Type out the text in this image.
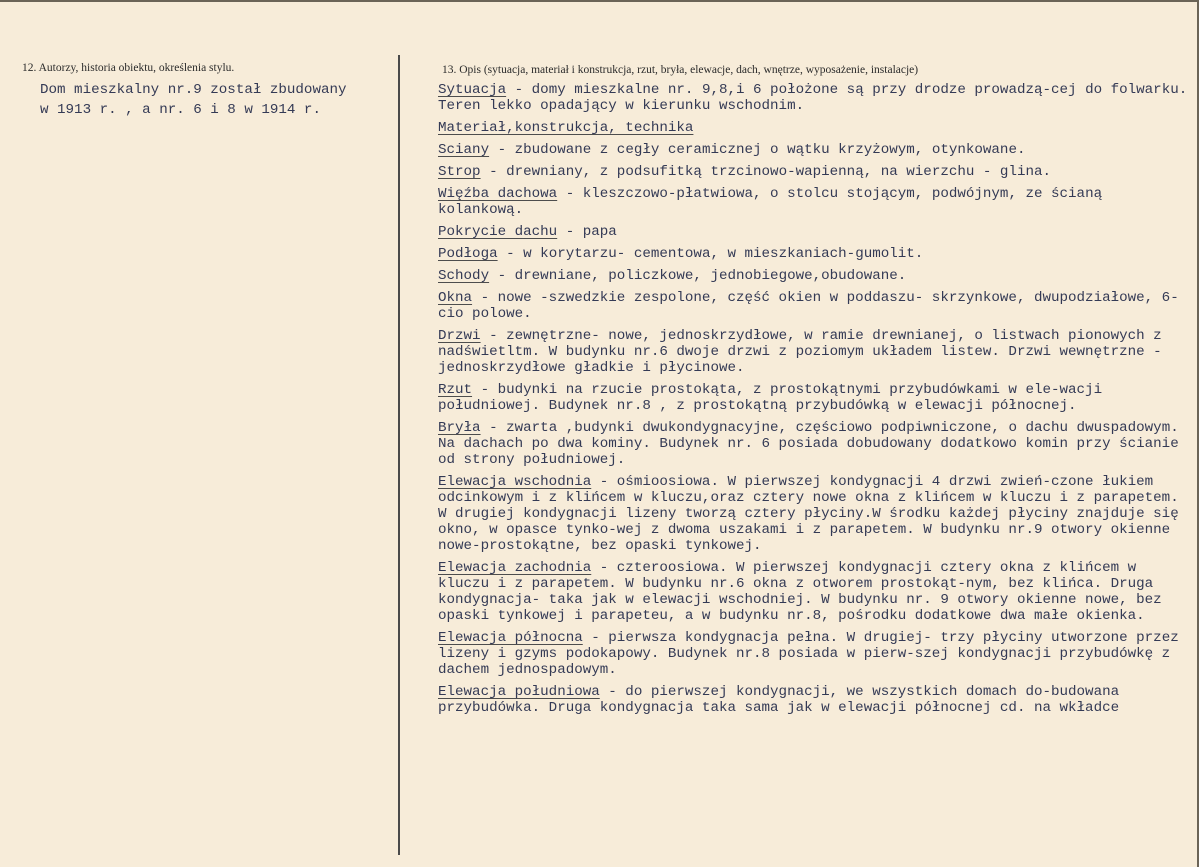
12. Autorzy, historia obiektu, określenia stylu.
Dom mieszkalny nr.9 został zbudowany
w 1913 r. , a nr. 6 i 8 w 1914 r.
13. Opis (sytuacja, materiał i konstrukcja, rzut, bryła, elewacje, dach, wnętrze, wyposażenie, instalacje)
Sytuacja - domy mieszkalne nr. 9,8,i 6 położone są przy drodze prowadzą-cej do folwarku. Teren lekko opadający w kierunku wschodnim.
Materiał,konstrukcja, technika
Sciany - zbudowane z cegły ceramicznej o wątku krzyżowym, otynkowane.
Strop - drewniany, z podsufitką trzcinowo-wapienną, na wierzchu - glina.
Więźba dachowa - kleszczowo-płatwiowa, o stolcu stojącym, podwójnym, ze ścianą kolankową.
Pokrycie dachu - papa
Podłoga - w korytarzu- cementowa, w mieszkaniach-gumolit.
Schody - drewniane, policzkowe, jednobiegowe,obudowane.
Okna - nowe -szwedzkie zespolone, część okien w poddaszu- skrzynkowe, dwupodziałowe, 6-cio polowe.
Drzwi - zewnętrzne- nowe, jednoskrzydłowe, w ramie drewnianej, o listwach pionowych z nadświetltm. W budynku nr.6 dwoje drzwi z poziomym układem listew. Drzwi wewnętrzne - jednoskrzydłowe gładkie i płycinowe.
Rzut - budynki na rzucie prostokąta, z prostokątnymi przybudówkami w ele-wacji południowej. Budynek nr.8 , z prostokątną przybudówką w elewacji północnej.
Bryła - zwarta ,budynki dwukondygnacyjne, częściowo podpiwniczone, o dachu dwuspadowym. Na dachach po dwa kominy. Budynek nr. 6 posiada dobudowany dodatkowo komin przy ścianie od strony południowej.
Elewacja wschodnia - ośmioosiowa. W pierwszej kondygnacji 4 drzwi zwień-czone łukiem odcinkowym i z klińcem w kluczu,oraz cztery nowe okna z klińcem w kluczu i z parapetem. W drugiej kondygnacji lizeny tworzą cztery płyciny.W środku każdej płyciny znajduje się okno, w opasce tynko-wej z dwoma uszakami i z parapetem. W budynku nr.9 otwory okienne nowe-prostokątne, bez opaski tynkowej.
Elewacja zachodnia - czteroosiowa. W pierwszej kondygnacji cztery okna z klińcem w kluczu i z parapetem. W budynku nr.6 okna z otworem prostokąt-nym, bez klińca. Druga kondygnacja- taka jak w elewacji wschodniej. W budynku nr. 9 otwory okienne nowe, bez opaski tynkowej i parapeteu, a w budynku nr.8, pośrodku dodatkowe dwa małe okienka.
Elewacja północna - pierwsza kondygnacja pełna. W drugiej- trzy płyciny utworzone przez lizeny i gzyms podokapowy. Budynek nr.8 posiada w pierw-szej kondygnacji przybudówkę z dachem jednospadowym.
Elewacja południowa - do pierwszej kondygnacji, we wszystkich domach do-budowana przybudówka. Druga kondygnacja taka sama jak w elewacji północnej cd. na wkładce
